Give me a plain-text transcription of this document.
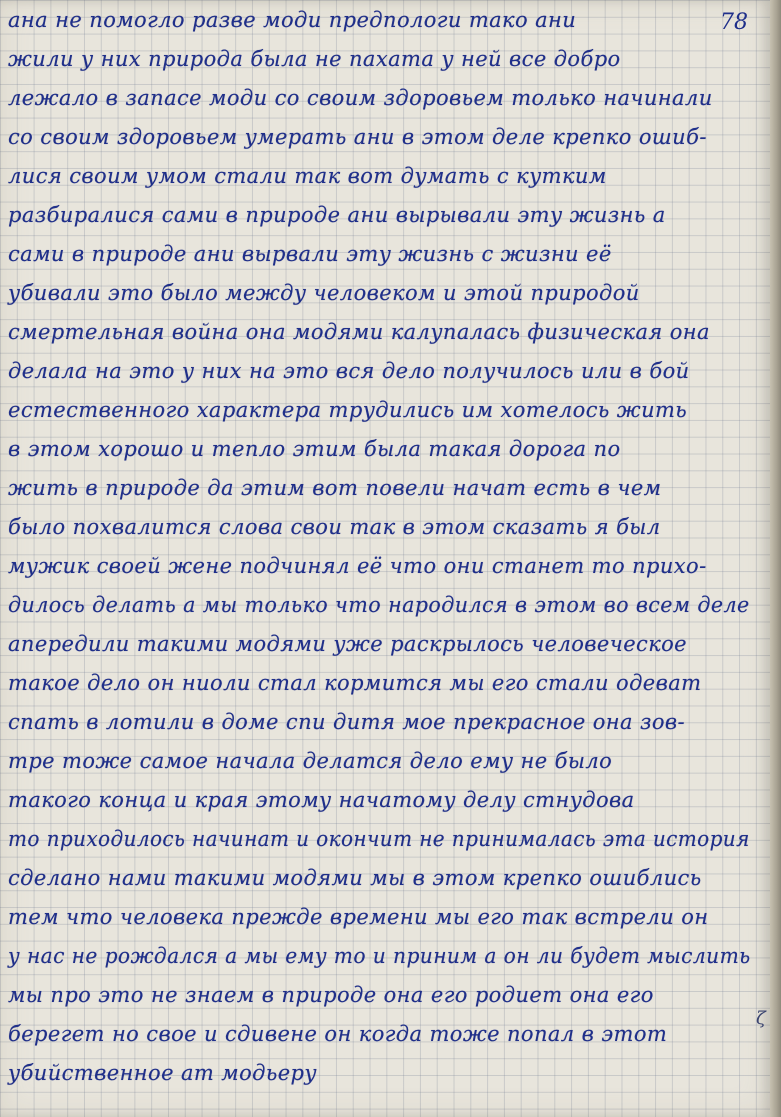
78
ана не помогло разве моди предпологи тако ани
жили у них природа была не пахата у ней все добро
лежало в запасе моди со своим здоровьем только начинали
со своим здоровьем умерать ани в этом деле крепко ошиб-
лися своим умом стали так вот думать с кутким
разбиралися сами в природе ани вырывали эту жизнь а
сами в природе ани вырвали эту жизнь с жизни её
убивали это было между человеком и этой природой
смертельная война она модями калупалась физическая она
делала на это у них на это вся дело получилось или в бой
естественного характера трудились им хотелось жить
в этом хорошо и тепло этим была такая дорога по
жить в природе да этим вот повели начат есть в чем
было похвалится слова свои так в этом сказать я был
мужик своей жене подчинял её что они станет то прихо-
дилось делать а мы только что народился в этом во всем деле
апередили такими модями уже раскрылось человеческое
такое дело он ниоли стал кормится мы его стали одеват
спать в лотили в доме спи дитя мое прекрасное она зов-
тре тоже самое начала делатся дело ему не было
такого конца и края этому начатому делу стнудова
то приходилось начинат и окончит не принималась эта история
сделано нами такими модями мы в этом крепко ошиблись
тем что человека прежде времени мы его так встрели он
у нас не рождался а мы ему то и приним а он ли будет мыслить
мы про это не знаем в природе она его родиет она его
берегет но свое и сдивене он когда тоже попал в этот
убийственное ат модьеру
ζ
